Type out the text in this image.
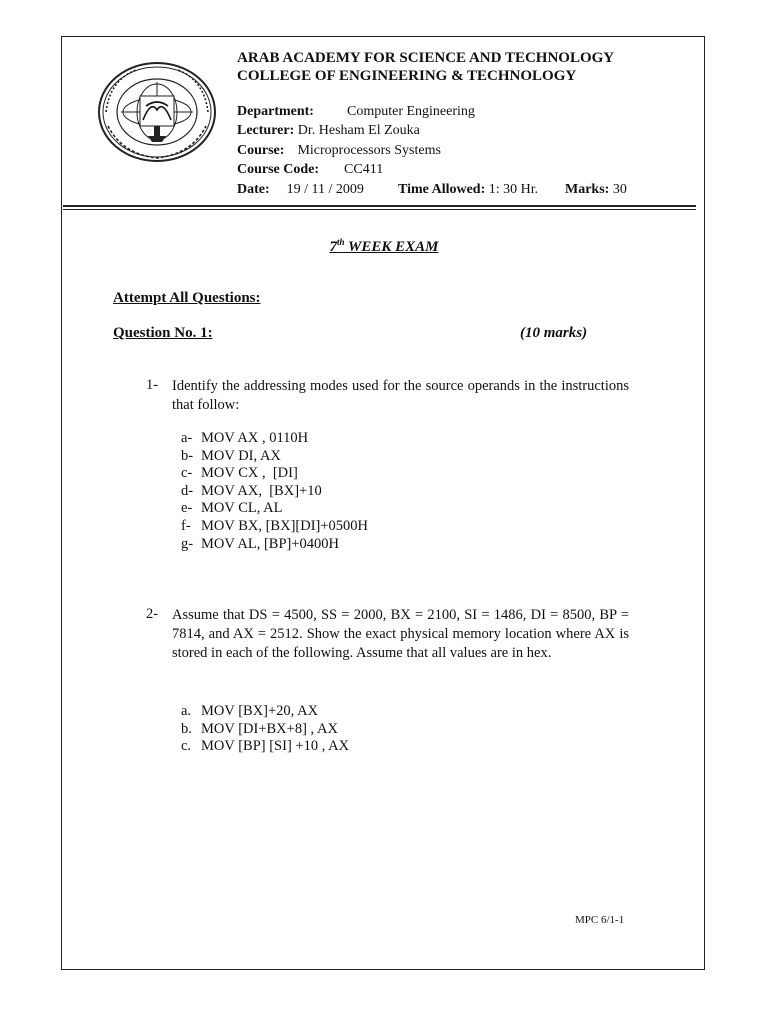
ARAB ACADEMY FOR SCIENCE AND TECHNOLOGY
COLLEGE OF ENGINEERING & TECHNOLOGY
Department: Computer Engineering
Lecturer: Dr. Hesham El Zouka
Course: Microprocessors Systems
Course Code: CC411
Date: 19 / 11 / 2009 Time Allowed: 1: 30 Hr. Marks: 30
7th WEEK EXAM
Attempt All Questions:
Question No. 1:	(10 marks)
1- Identify the addressing modes used for the source operands in the instructions that follow:
a- MOV AX , 0110H
b- MOV DI, AX
c- MOV CX ,  [DI]
d- MOV AX,  [BX]+10
e- MOV CL, AL
f- MOV BX, [BX][DI]+0500H
g- MOV AL, [BP]+0400H
2- Assume that DS = 4500, SS = 2000, BX = 2100, SI = 1486, DI = 8500, BP = 7814, and AX = 2512. Show the exact physical memory location where AX is stored in each of the following. Assume that all values are in hex.
a. MOV [BX]+20, AX
b. MOV [DI+BX+8] , AX
c. MOV [BP] [SI] +10 , AX
MPC 6/1-1
